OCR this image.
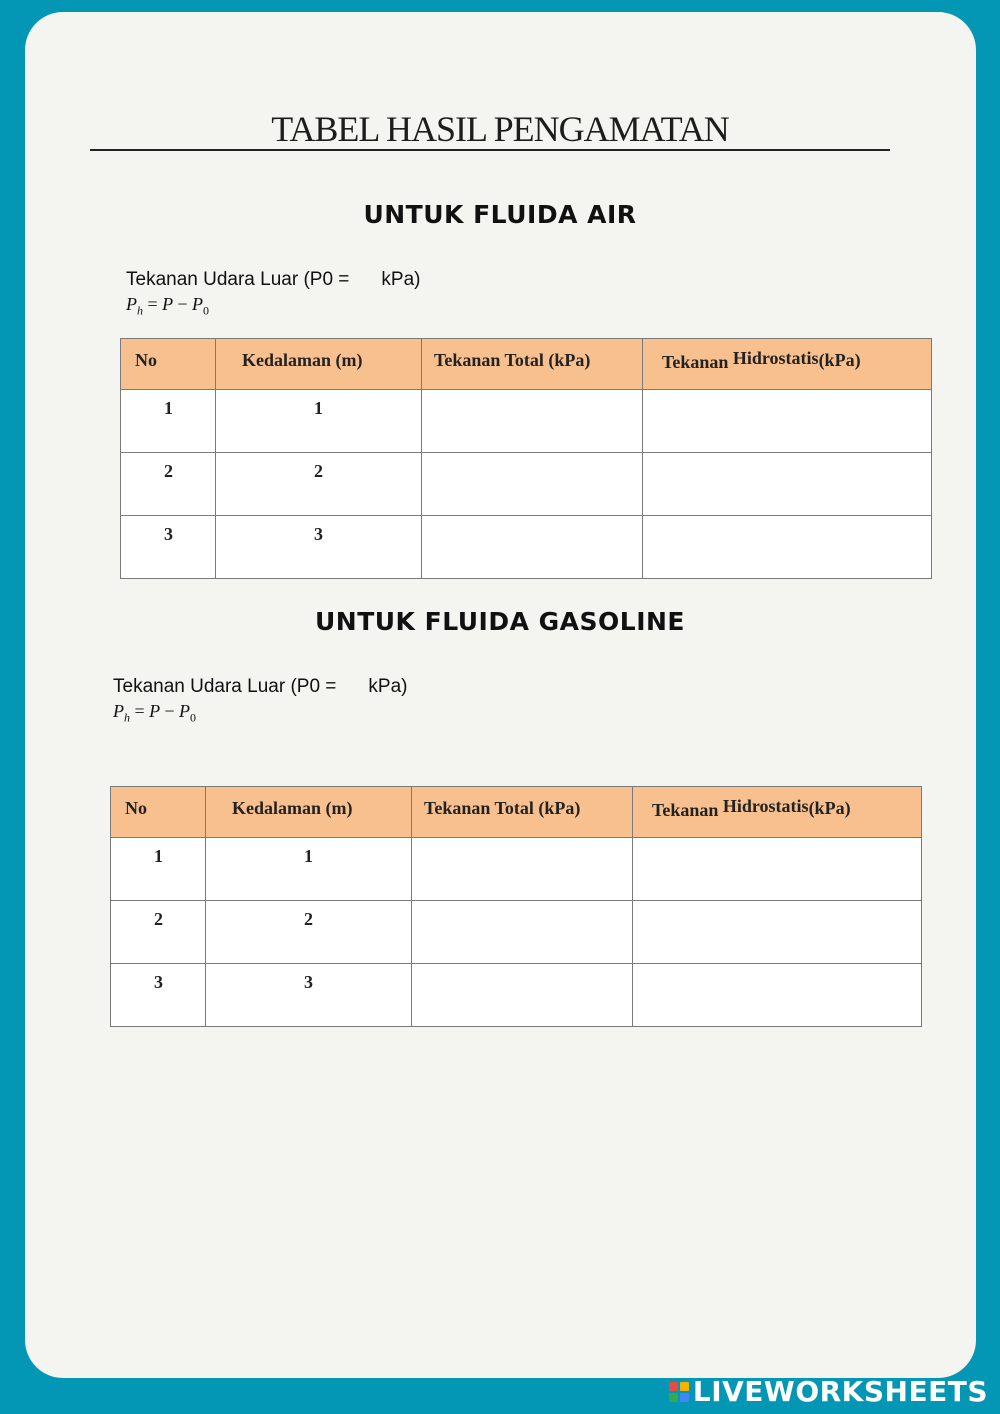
TABEL HASIL PENGAMATAN
UNTUK FLUIDA AIR
Tekanan Udara Luar (P0 = kPa)
$P_h = P - P_0$
No	Kedalaman (m)	Tekanan Total (kPa)	Tekanan Hidrostatis(kPa)
1	1		
2	2		
3	3		
UNTUK FLUIDA GASOLINE
Tekanan Udara Luar (P0 = kPa)
$P_h = P - P_0$
No	Kedalaman (m)	Tekanan Total (kPa)	Tekanan Hidrostatis(kPa)
1	1		
2	2		
3	3		
LIVEWORKSHEETS
